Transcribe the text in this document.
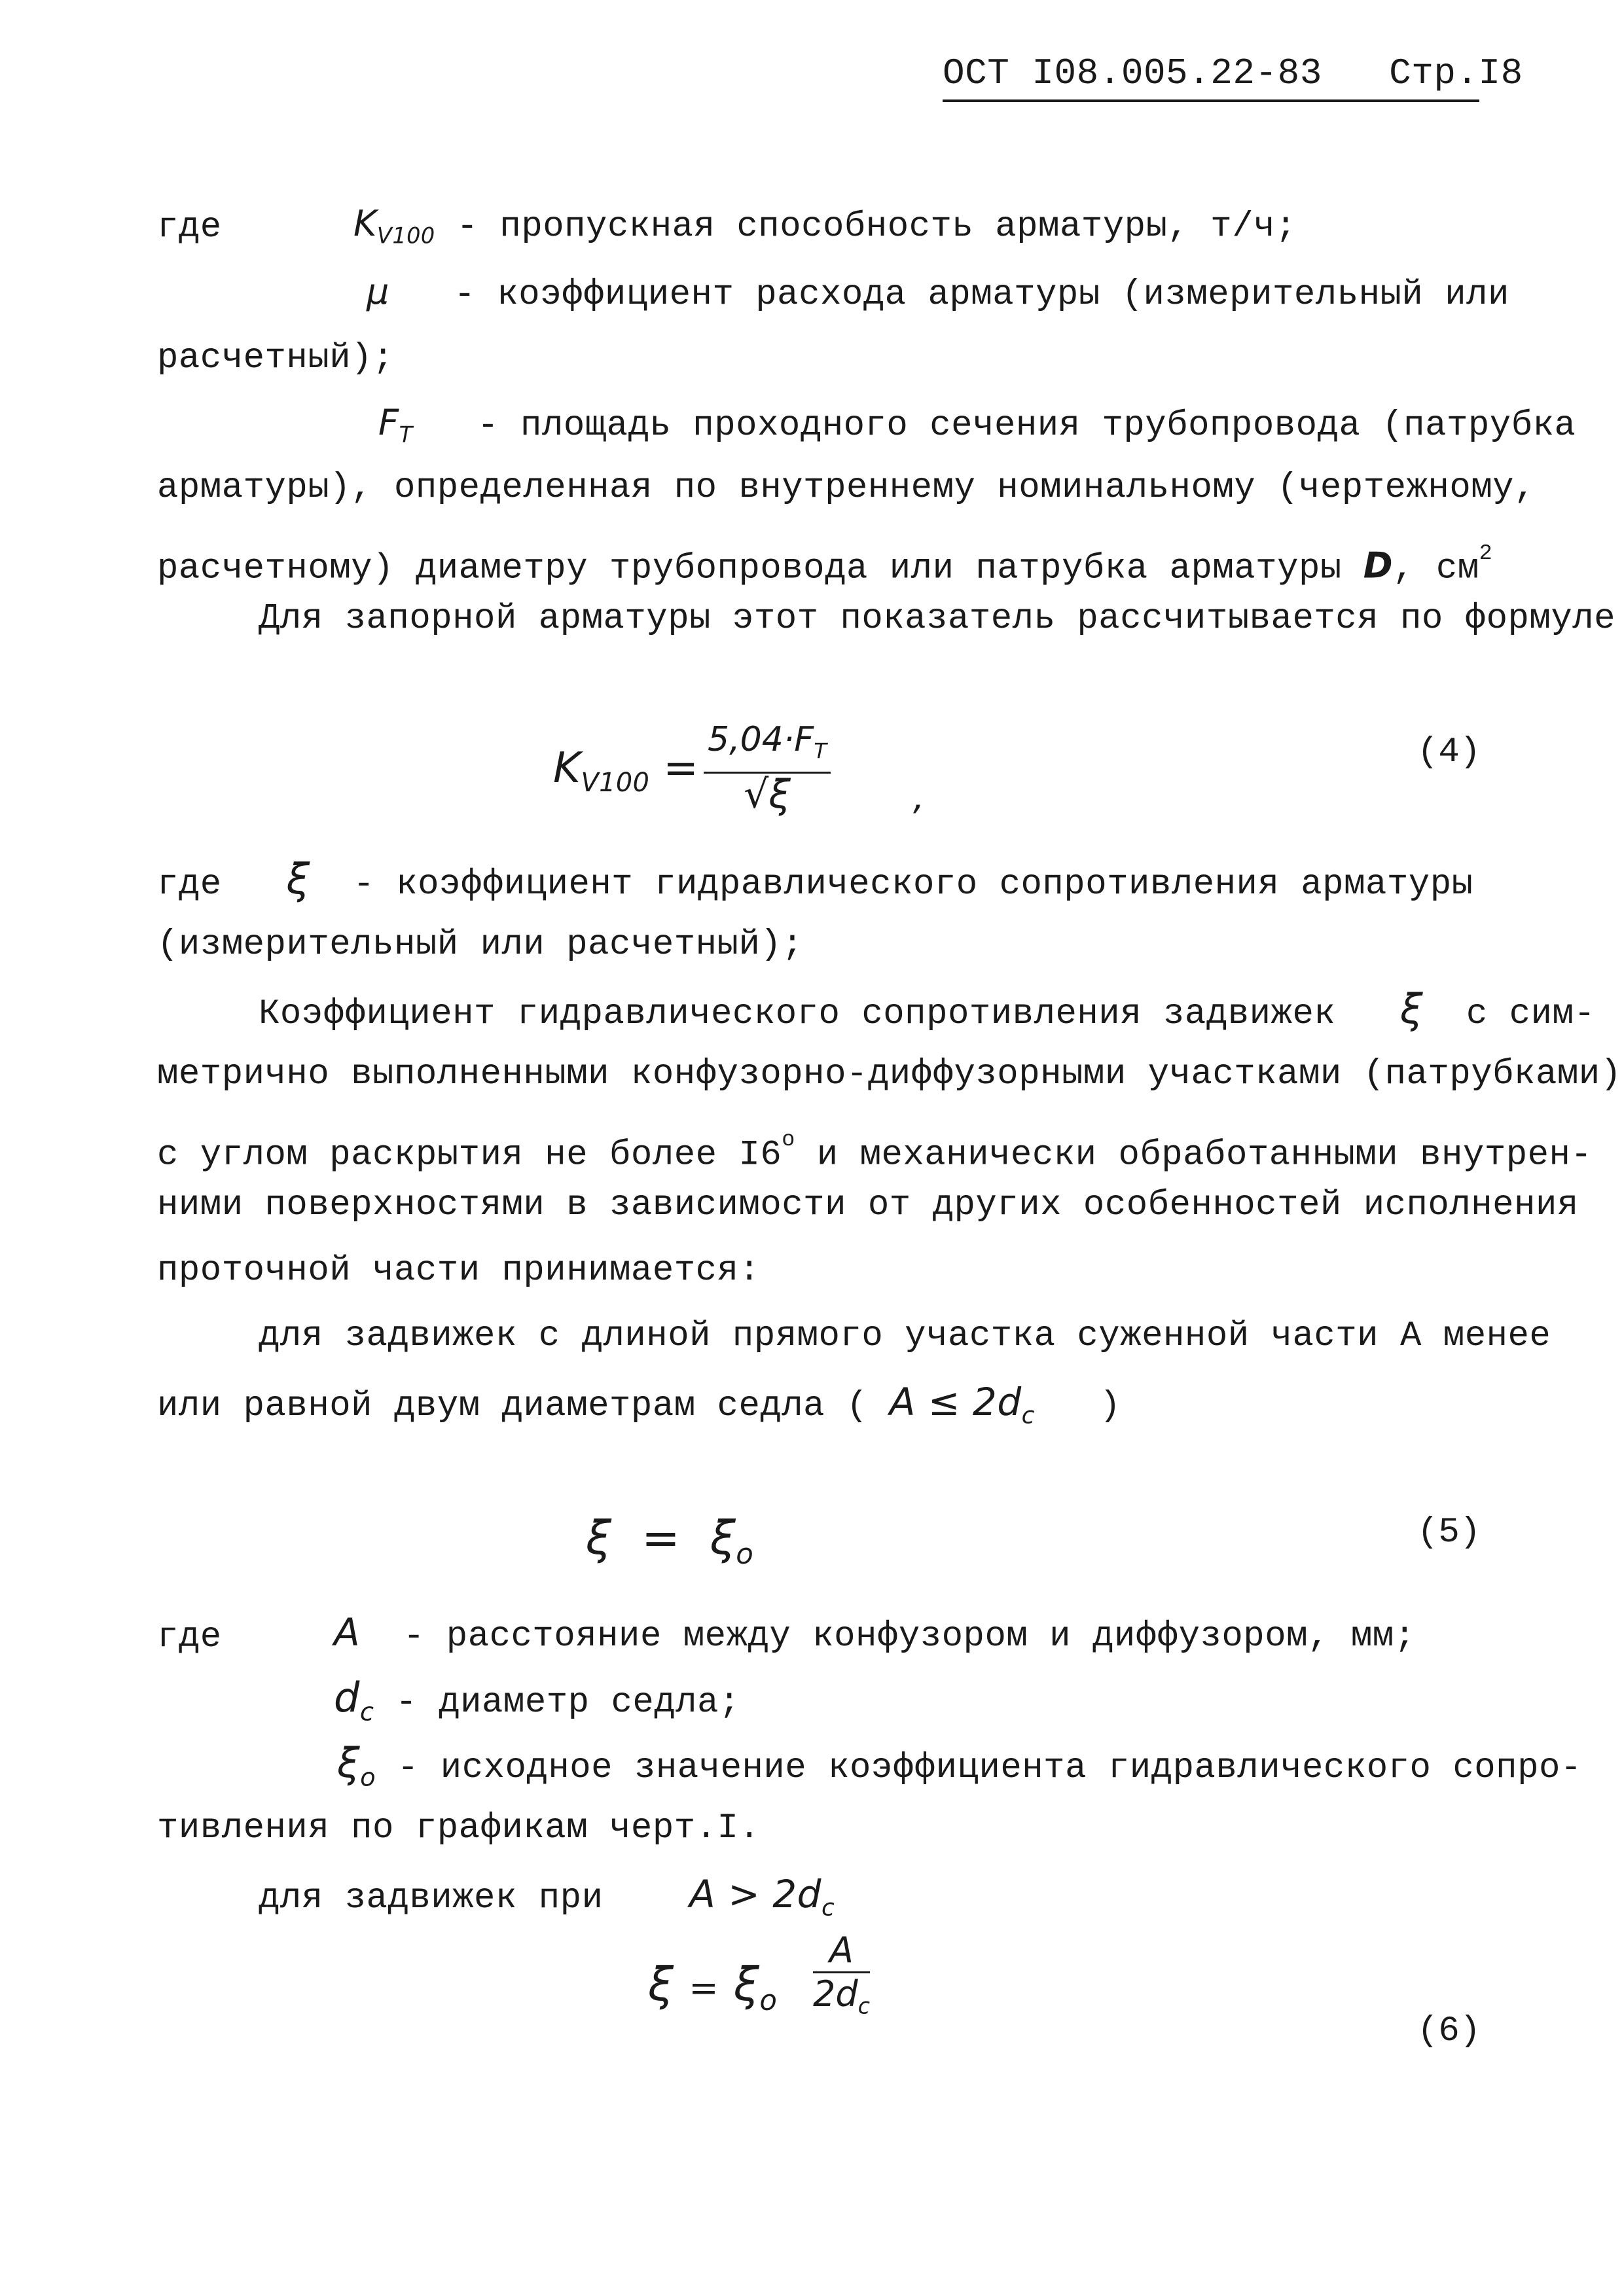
ОСТ I08.005.22-83 Стр.I8
где	$K_{V100}$ - пропускная способность арматуры, т/ч;
μ - коэффициент расхода арматуры (измерительный или
расчетный);
$F_T$ - площадь проходного сечения трубопровода (патрубка
арматуры), определенная по внутреннему номинальному (чертежному,
расчетному) диаметру трубопровода или патрубка арматуры D, $см^2$
Для запорной арматуры этот показатель рассчитывается по формуле
$K_{V100} = \frac{5,04\cdot F_T}{√\xi}$ ,
(4)
где ξ - коэффициент гидравлического сопротивления арматуры
(измерительный или расчетный);
Коэффициент гидравлического сопротивления задвижек ξ с сим-
метрично выполненными конфузорно-диффузорными участками (патрубками)
с углом раскрытия не более I6$^o$ и механически обработанными внутрен-
ними поверхностями в зависимости от других особенностей исполнения
проточной части принимается:
для задвижек с длиной прямого участка суженной части А менее
или равной двум диаметрам седла ( $A \le 2d_c$ )
$\xi = \xi_o$
(5)
где	A - расстояние между конфузором и диффузором, мм;
$d_c$ - диаметр седла;
$\xi_o$ - исходное значение коэффициента гидравлического сопро-
тивления по графикам черт.I.
для задвижек при $A > 2d_c$
$\xi = \xi_o \frac{A}{2d_c}$
(6)
